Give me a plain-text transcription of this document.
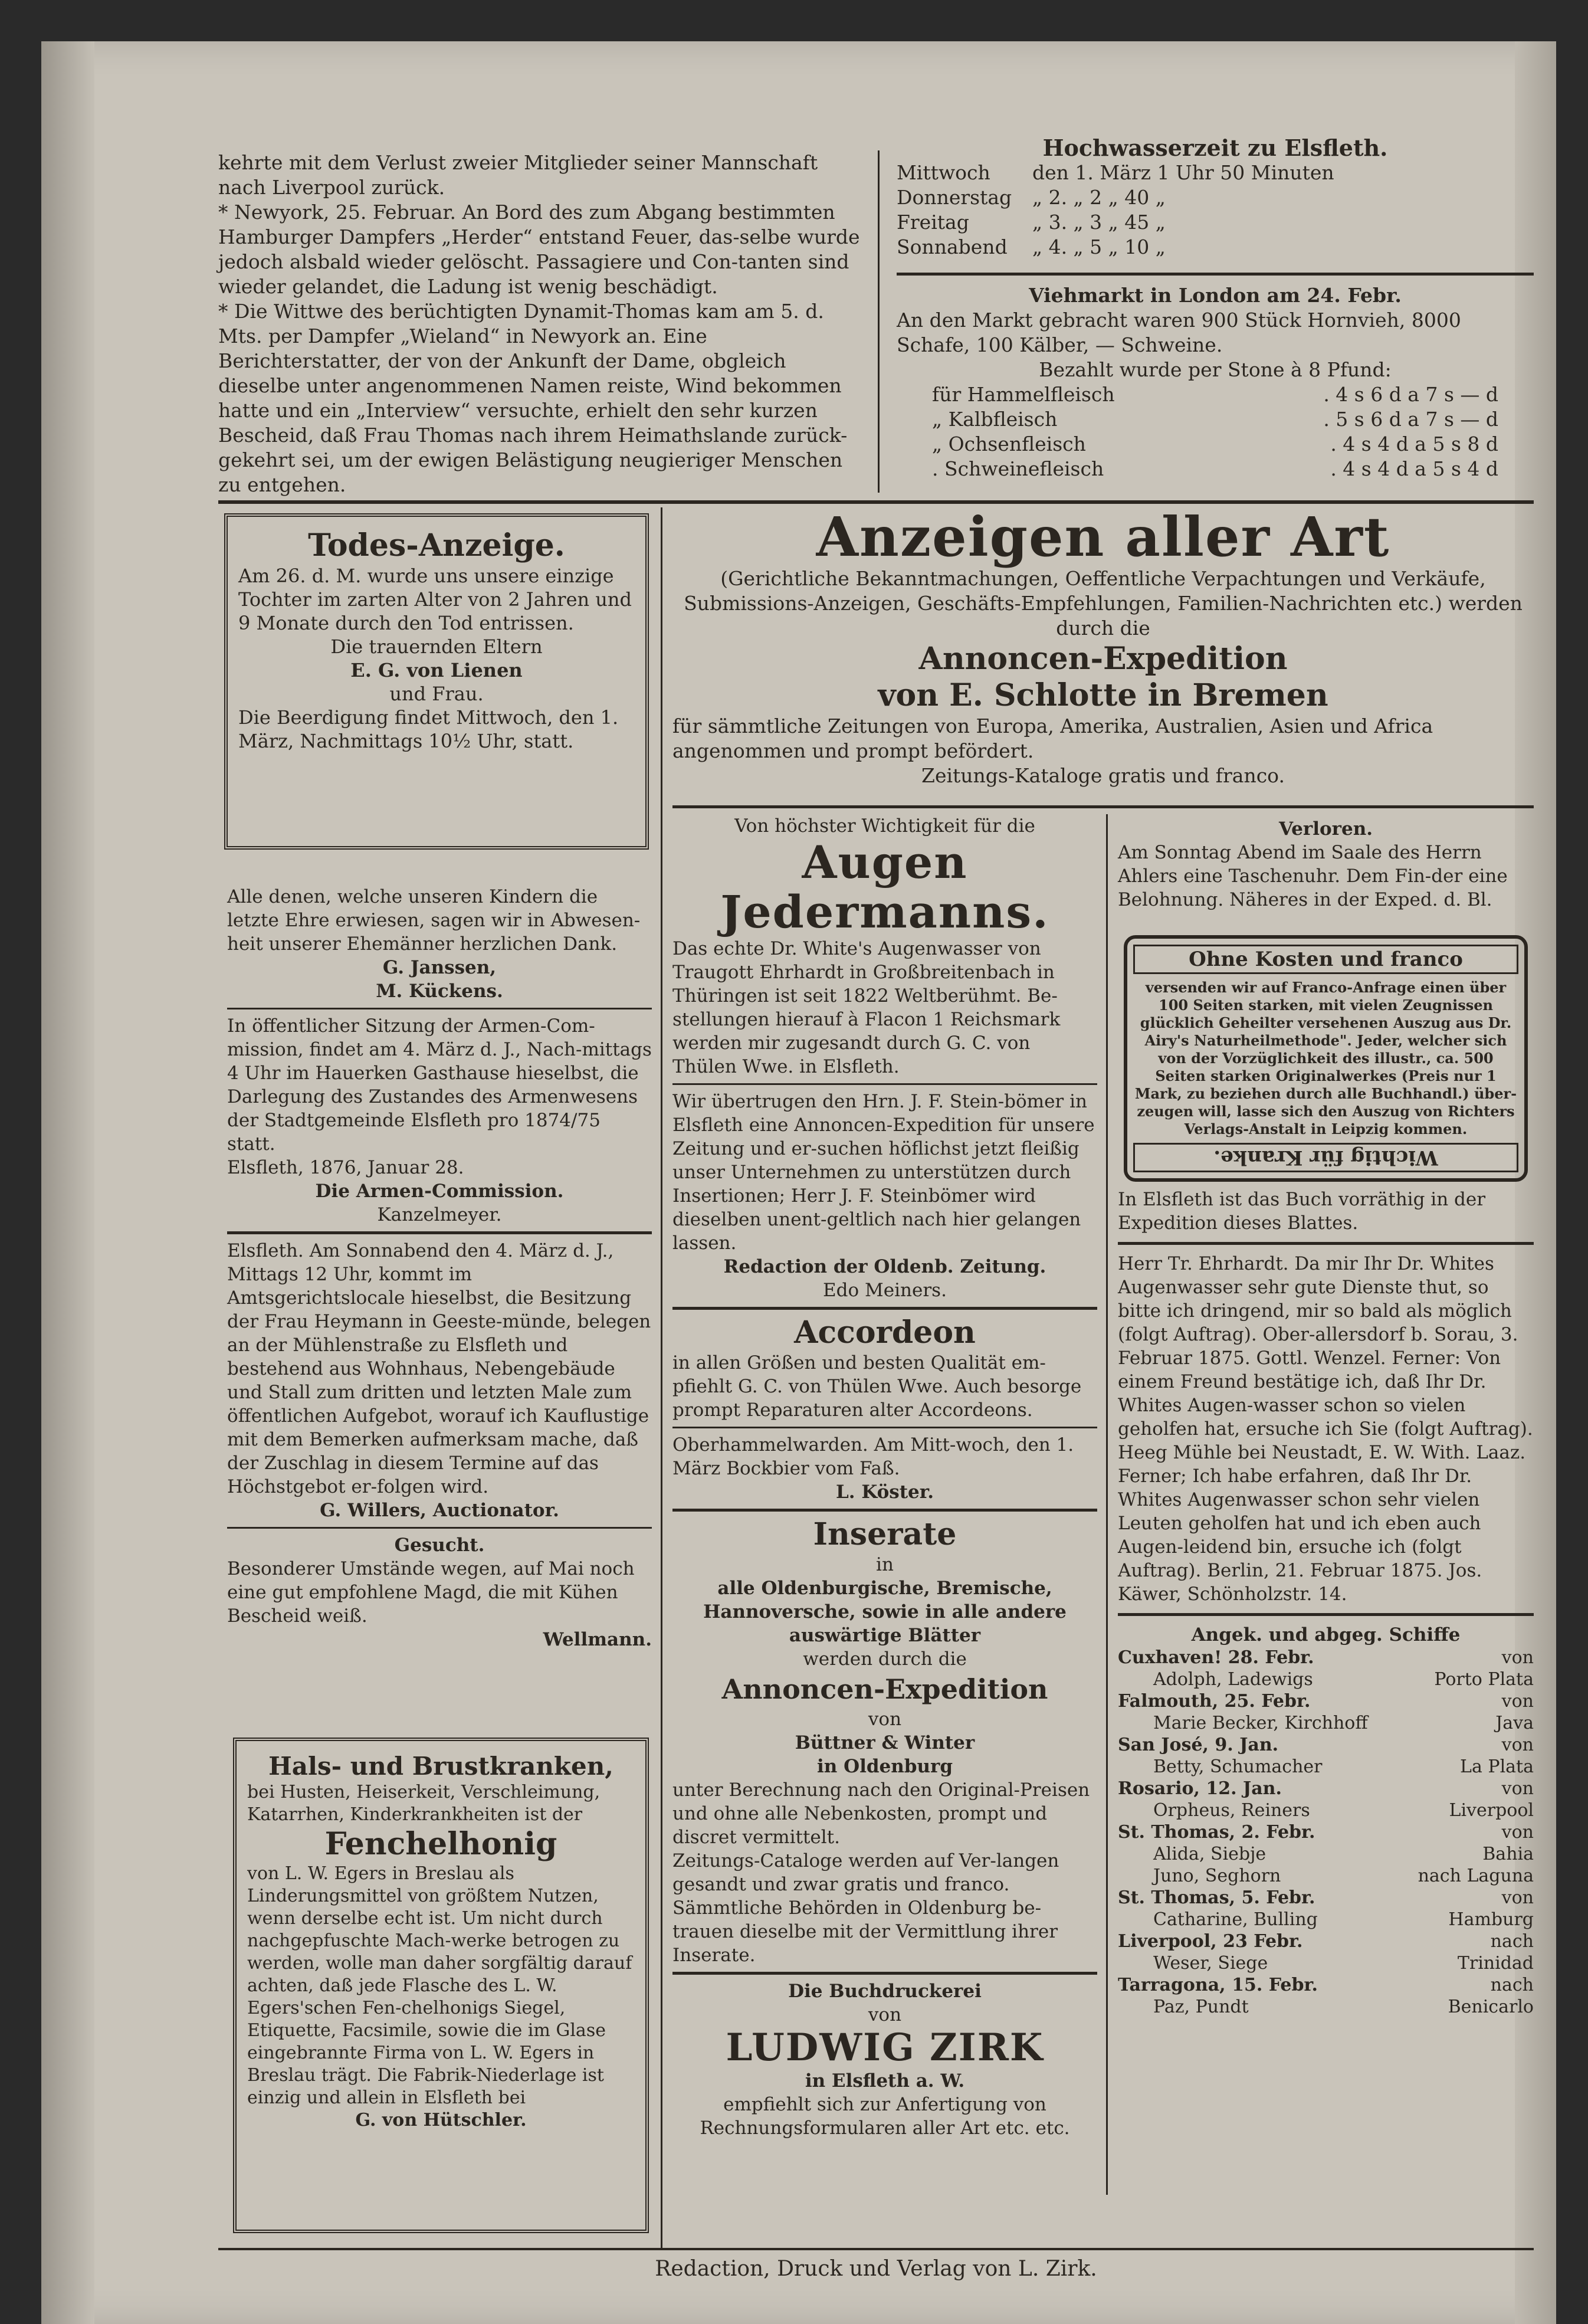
kehrte mit dem Verlust zweier Mitglieder seiner Mannschaft nach Liverpool zurück.

* Newyork, 25. Februar. An Bord des zum Abgang bestimmten Hamburger Dampfers „Herder“ entstand Feuer, das-selbe wurde jedoch alsbald wieder gelöscht. Passagiere und Con-tanten sind wieder gelandet, die Ladung ist wenig beschädigt.

* Die Wittwe des berüchtigten Dynamit-Thomas kam am 5. d. Mts. per Dampfer „Wieland“ in Newyork an. Eine Berichterstatter, der von der Ankunft der Dame, obgleich dieselbe unter angenommenen Namen reiste, Wind bekommen hatte und ein „Interview“ versuchte, erhielt den sehr kurzen Bescheid, daß Frau Thomas nach ihrem Heimathslande zurück-gekehrt sei, um der ewigen Belästigung neugieriger Menschen zu entgehen.

Hochwasserzeit zu Elsfleth.
Mittwoch	den 1. März 1 Uhr 50 Minuten
Donnerstag	„ 2. „ 2 „ 40 „
Freitag	„ 3. „ 3 „ 45 „
Sonnabend	„ 4. „ 5 „ 10 „
Viehmarkt in London am 24. Febr.

An den Markt gebracht waren 900 Stück Hornvieh, 8000 Schafe, 100 Kälber, — Schweine.

Bezahlt wurde per Stone à 8 Pfund:
für Hammelfleisch	. 4 s 6 d a 7 s — d
„ Kalbfleisch	. 5 s 6 d a 7 s — d
„ Ochsenfleisch	. 4 s 4 d a 5 s 8 d
. Schweinefleisch	. 4 s 4 d a 5 s 4 d
Todes-Anzeige.

Am 26. d. M. wurde uns unsere einzige Tochter im zarten Alter von 2 Jahren und 9 Monate durch den Tod entrissen.

Die trauernden Eltern
E. G. von Lienen
und Frau.

Die Beerdigung findet Mittwoch, den 1. März, Nachmittags 10½ Uhr, statt.

Alle denen, welche unseren Kindern die letzte Ehre erwiesen, sagen wir in Abwesen-heit unserer Ehemänner herzlichen Dank.

G. Janssen,
M. Kückens.

In öffentlicher Sitzung der Armen-Com-mission, findet am 4. März d. J., Nach-mittags 4 Uhr im Hauerken Gasthause hieselbst, die Darlegung des Zustandes des Armenwesens der Stadtgemeinde Elsfleth pro 1874/75 statt.

Elsfleth, 1876, Januar 28.
Die Armen-Commission.
Kanzelmeyer.

Elsfleth. Am Sonnabend den 4. März d. J., Mittags 12 Uhr, kommt im Amtsgerichtslocale hieselbst, die Besitzung der Frau Heymann in Geeste-münde, belegen an der Mühlenstraße zu Elsfleth und bestehend aus Wohnhaus, Nebengebäude und Stall zum dritten und letzten Male zum öffentlichen Aufgebot, worauf ich Kauflustige mit dem Bemerken aufmerksam mache, daß der Zuschlag in diesem Termine auf das Höchstgebot er-folgen wird.

G. Willers, Auctionator.
Gesucht.

Besonderer Umstände wegen, auf Mai noch eine gut empfohlene Magd, die mit Kühen Bescheid weiß.

Wellmann.
Hals- und Brustkranken,

bei Husten, Heiserkeit, Verschleimung, Katarrhen, Kinderkrankheiten ist der

Fenchelhonig

von L. W. Egers in Breslau als Linderungsmittel von größtem Nutzen, wenn derselbe echt ist. Um nicht durch nachgepfuschte Mach-werke betrogen zu werden, wolle man daher sorgfältig darauf achten, daß jede Flasche des L. W. Egers'schen Fen-chelhonigs Siegel, Etiquette, Facsimile, sowie die im Glase eingebrannte Firma von L. W. Egers in Breslau trägt. Die Fabrik-Niederlage ist einzig und allein in Elsfleth bei

G. von Hütschler.
Anzeigen aller Art

(Gerichtliche Bekanntmachungen, Oeffentliche Verpachtungen und Verkäufe, Submissions-Anzeigen, Geschäfts-Empfehlungen, Familien-Nachrichten etc.) werden durch die

Annoncen-Expedition
von E. Schlotte in Bremen

für sämmtliche Zeitungen von Europa, Amerika, Australien, Asien und Africa angenommen und prompt befördert.

Zeitungs-Kataloge gratis und franco.
Von höchster Wichtigkeit für die
Augen Jedermanns.

Das echte Dr. White's Augenwasser von Traugott Ehrhardt in Großbreitenbach in Thüringen ist seit 1822 Weltberühmt. Be-stellungen hierauf à Flacon 1 Reichsmark werden mir zugesandt durch G. C. von Thülen Wwe. in Elsfleth.

Wir übertrugen den Hrn. J. F. Stein-bömer in Elsfleth eine Annoncen-Expedition für unsere Zeitung und er-suchen höflichst jetzt fleißig unser Unternehmen zu unterstützen durch Insertionen; Herr J. F. Steinbömer wird dieselben unent-geltlich nach hier gelangen lassen.

Redaction der Oldenb. Zeitung.
Edo Meiners.
Accordeon

in allen Größen und besten Qualität em-pfiehlt G. C. von Thülen Wwe. Auch besorge prompt Reparaturen alter Accordeons.

Oberhammelwarden. Am Mitt-woch, den 1. März Bockbier vom Faß.

L. Köster.
Inserate
in
alle Oldenburgische, Bremische, Hannoversche, sowie in alle andere auswärtige Blätter
werden durch die
Annoncen-Expedition
von
Büttner & Winter
in Oldenburg

unter Berechnung nach den Original-Preisen und ohne alle Nebenkosten, prompt und discret vermittelt.

Zeitungs-Cataloge werden auf Ver-langen gesandt und zwar gratis und franco. Sämmtliche Behörden in Oldenburg be-trauen dieselbe mit der Vermittlung ihrer Inserate.

Die Buchdruckerei
von
LUDWIG ZIRK
in Elsfleth a. W.

empfiehlt sich zur Anfertigung von Rechnungsformularen aller Art etc. etc.

Verloren.

Am Sonntag Abend im Saale des Herrn Ahlers eine Taschenuhr. Dem Fin-der eine Belohnung. Näheres in der Exped. d. Bl.

Ohne Kosten und franco

versenden wir auf Franco-Anfrage einen über 100 Seiten starken, mit vielen Zeugnissen glücklich Geheilter versehenen Auszug aus Dr. Airy's Naturheilmethode". Jeder, welcher sich von der Vorzüglichkeit des illustr., ca. 500 Seiten starken Originalwerkes (Preis nur 1 Mark, zu beziehen durch alle Buchhandl.) über-zeugen will, lasse sich den Auszug von Richters Verlags-Anstalt in Leipzig kommen.

Wichtig für Kranke.

In Elsfleth ist das Buch vorräthig in der Expedition dieses Blattes.

Herr Tr. Ehrhardt. Da mir Ihr Dr. Whites Augenwasser sehr gute Dienste thut, so bitte ich dringend, mir so bald als möglich (folgt Auftrag). Ober-allersdorf b. Sorau, 3. Februar 1875. Gottl. Wenzel. Ferner: Von einem Freund bestätige ich, daß Ihr Dr. Whites Augen-wasser schon so vielen geholfen hat, ersuche ich Sie (folgt Auftrag). Heeg Mühle bei Neustadt, E. W. With. Laaz. Ferner; Ich habe erfahren, daß Ihr Dr. Whites Augenwasser schon sehr vielen Leuten geholfen hat und ich eben auch Augen-leidend bin, ersuche ich (folgt Auftrag). Berlin, 21. Februar 1875. Jos. Käwer, Schönholzstr. 14.

Angek. und abgeg. Schiffe
Cuxhaven! 28. Febr.	von
Adolph, Ladewigs	Porto Plata
Falmouth, 25. Febr.	von
Marie Becker, Kirchhoff	Java
San José, 9. Jan.	von
Betty, Schumacher	La Plata
Rosario, 12. Jan.	von
Orpheus, Reiners	Liverpool
St. Thomas, 2. Febr.	von
Alida, Siebje	Bahia
Juno, Seghorn	nach Laguna
St. Thomas, 5. Febr.	von
Catharine, Bulling	Hamburg
Liverpool, 23 Febr.	nach
Weser, Siege	Trinidad
Tarragona, 15. Febr.	nach
Paz, Pundt	Benicarlo
Redaction, Druck und Verlag von L. Zirk.
